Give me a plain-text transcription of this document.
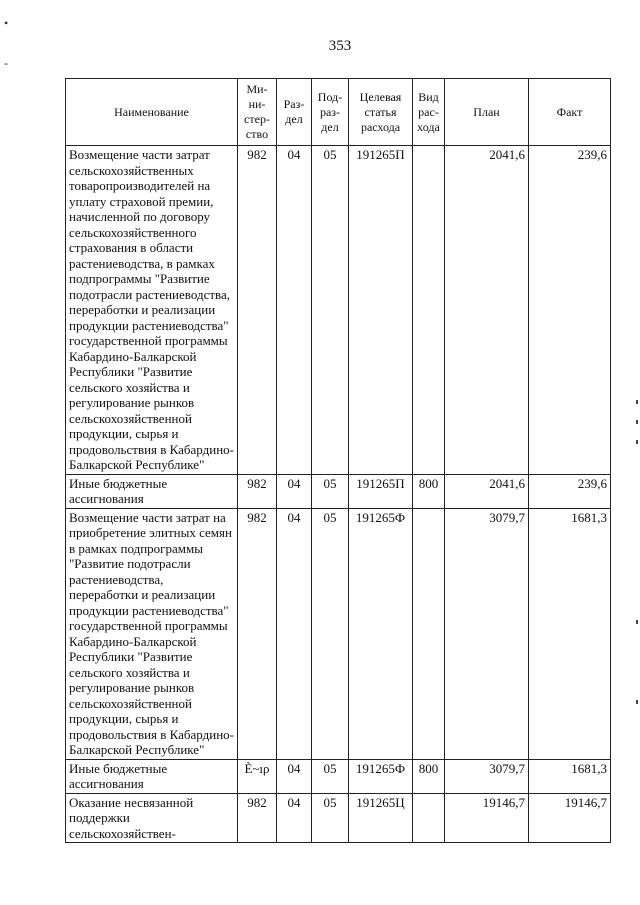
•
-
353
Наименование	Ми-
ни-
стер-
ство	Раз-
дел	Под-
раз-
дел	Целевая
статья
расхода	Вид
рас-
хода	План	Факт
Возмещение части затрат сельскохозяйственных товаропроизводителей на уплату страховой премии, начисленной по договору сельскохозяйственного страхования в области растениеводства, в рамках подпрограммы "Развитие подотрасли растениеводства, переработки и реализации продукции растениеводства" государственной программы Кабардино-Балкарской Республики "Развитие сельского хозяйства и регулирование рынков сельскохозяйственной продукции, сырья и продовольствия в Кабардино-Балкарской Республике"	982	04	05	191265П		2041,6	239,6
Иные бюджетные ассигнования	982	04	05	191265П	800	2041,6	239,6
Возмещение части затрат на приобретение элитных семян в рамках подпрограммы "Развитие подотрасли растениеводства, переработки и реализации продукции растениеводства" государственной программы Кабардино-Балкарской Республики "Развитие сельского хозяйства и регулирование рынков сельскохозяйственной продукции, сырья и продовольствия в Кабардино-Балкарской Республике"	982	04	05	191265Ф		3079,7	1681,3
Иные бюджетные ассигнования	È~ıρ	04	05	191265Ф	800	3079,7	1681,3
Оказание несвязанной поддержки сельскохозяйствен-	982	04	05	191265Ц		19146,7	19146,7
